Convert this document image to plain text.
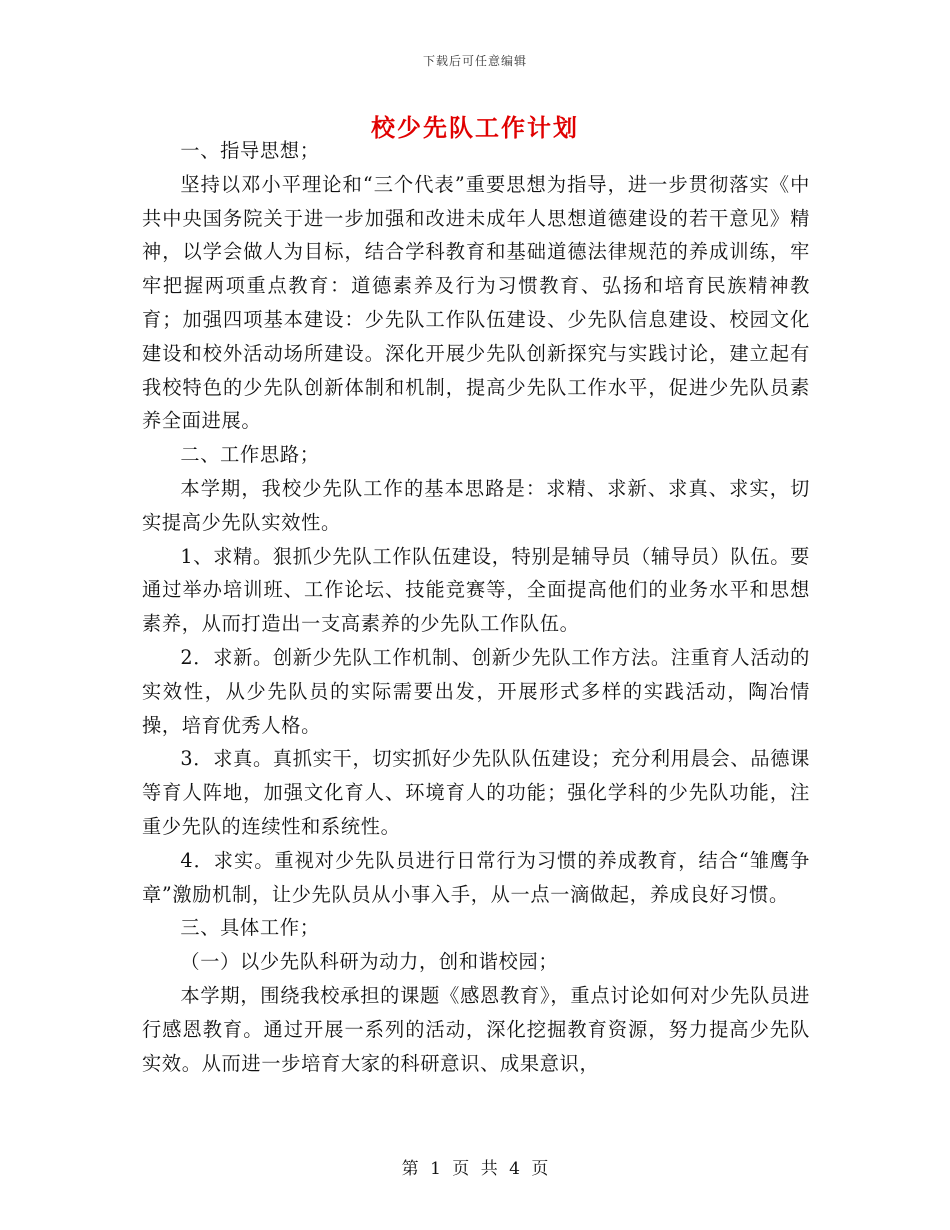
下载后可任意编辑
校少先队工作计划

一、指导思想；

坚持以邓小平理论和“三个代表”重要思想为指导，进一步贯彻落实《中共中央国务院关于进一步加强和改进未成年人思想道德建设的若干意见》精神，以学会做人为目标，结合学科教育和基础道德法律规范的养成训练，牢牢把握两项重点教育：道德素养及行为习惯教育、弘扬和培育民族精神教育；加强四项基本建设：少先队工作队伍建设、少先队信息建设、校园文化建设和校外活动场所建设。深化开展少先队创新探究与实践讨论，建立起有我校特色的少先队创新体制和机制，提高少先队工作水平，促进少先队员素养全面进展。

二、工作思路；

本学期，我校少先队工作的基本思路是：求精、求新、求真、求实，切实提高少先队实效性。

1、求精。狠抓少先队工作队伍建设，特别是辅导员（辅导员）队伍。要通过举办培训班、工作论坛、技能竞赛等，全面提高他们的业务水平和思想素养，从而打造出一支高素养的少先队工作队伍。

2．求新。创新少先队工作机制、创新少先队工作方法。注重育人活动的实效性，从少先队员的实际需要出发，开展形式多样的实践活动，陶冶情操，培育优秀人格。

3．求真。真抓实干，切实抓好少先队队伍建设；充分利用晨会、品德课等育人阵地，加强文化育人、环境育人的功能；强化学科的少先队功能，注重少先队的连续性和系统性。

4．求实。重视对少先队员进行日常行为习惯的养成教育，结合“雏鹰争章”激励机制，让少先队员从小事入手，从一点一滴做起，养成良好习惯。

三、具体工作；

（一）以少先队科研为动力，创和谐校园；

本学期，围绕我校承担的课题《感恩教育》，重点讨论如何对少先队员进行感恩教育。通过开展一系列的活动，深化挖掘教育资源，努力提高少先队实效。从而进一步培育大家的科研意识、成果意识，

第 1 页 共 4 页
